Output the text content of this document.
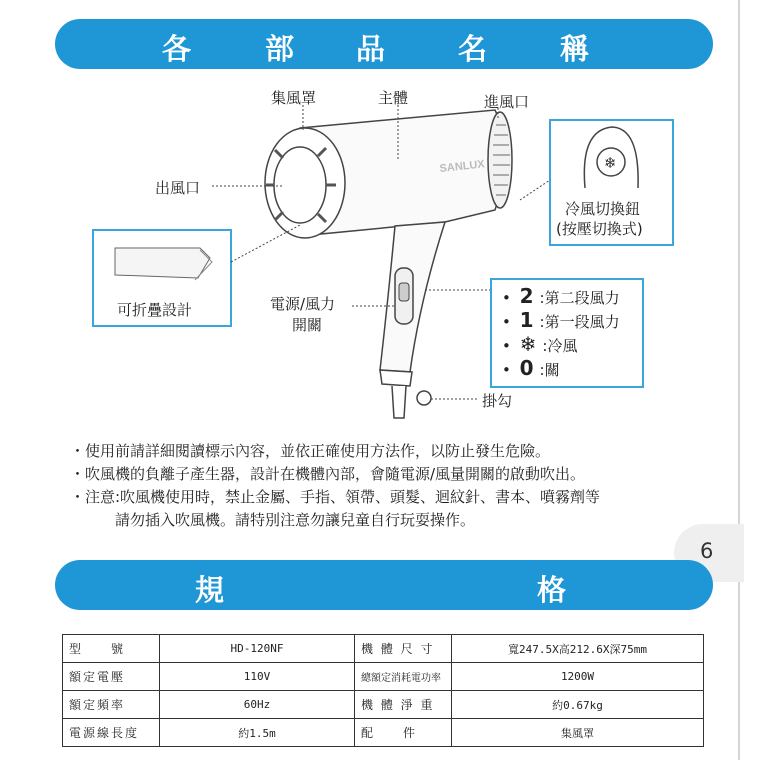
各	部 品	名	稱
SANLUX	❄
集風罩	主體	進風口
出風口
冷風切換鈕
(按壓切換式)
可折疊設計	電源/風力
開關
掛勾
• 2 :第二段風力
• 1 :第一段風力
• ❄ :冷風
• 0 :關
・使用前請詳細閱讀標示內容，並依正確使用方法作，以防止發生危險。
・吹風機的負離子產生器，設計在機體內部，會隨電源/風量開關的啟動吹出。
・注意:吹風機使用時，禁止金屬、手指、領帶、頭髮、迴紋針、書本、噴霧劑等
　　　請勿插入吹風機。請特別注意勿讓兒童自行玩耍操作。
6
規	格
型　　號	HD-120NF	機 體 尺 寸	寬247.5X高212.6X深75mm
額定電壓	110V	總額定消耗電功率	1200W
額定頻率	60Hz	機 體 淨 重	約0.67kg
電源線長度	約1.5m	配　　件	集風罩
